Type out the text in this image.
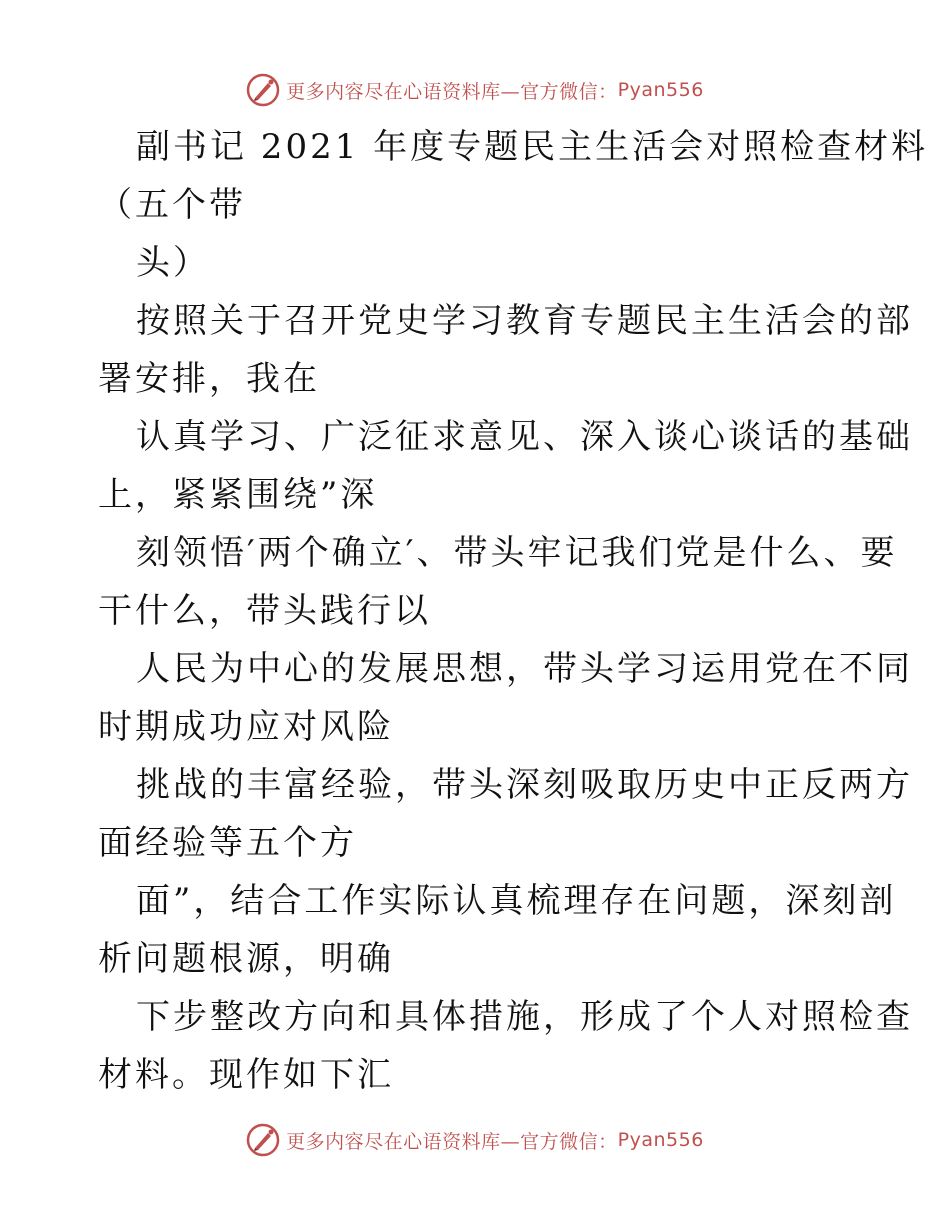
更多内容尽在心语资料库—官方微信： Pyan556
副书记 2021 年度专题民主生活会对照检查材料
（五个带
头）
按照关于召开党史学习教育专题民主生活会的部
署安排，我在
认真学习、广泛征求意见、深入谈心谈话的基础
上，紧紧围绕”深
刻领悟′两个确立′、带头牢记我们党是什么、要
干什么，带头践行以
人民为中心的发展思想，带头学习运用党在不同
时期成功应对风险
挑战的丰富经验，带头深刻吸取历史中正反两方
面经验等五个方
面”，结合工作实际认真梳理存在问题，深刻剖
析问题根源，明确
下步整改方向和具体措施，形成了个人对照检查
材料。现作如下汇
更多内容尽在心语资料库—官方微信： Pyan556
